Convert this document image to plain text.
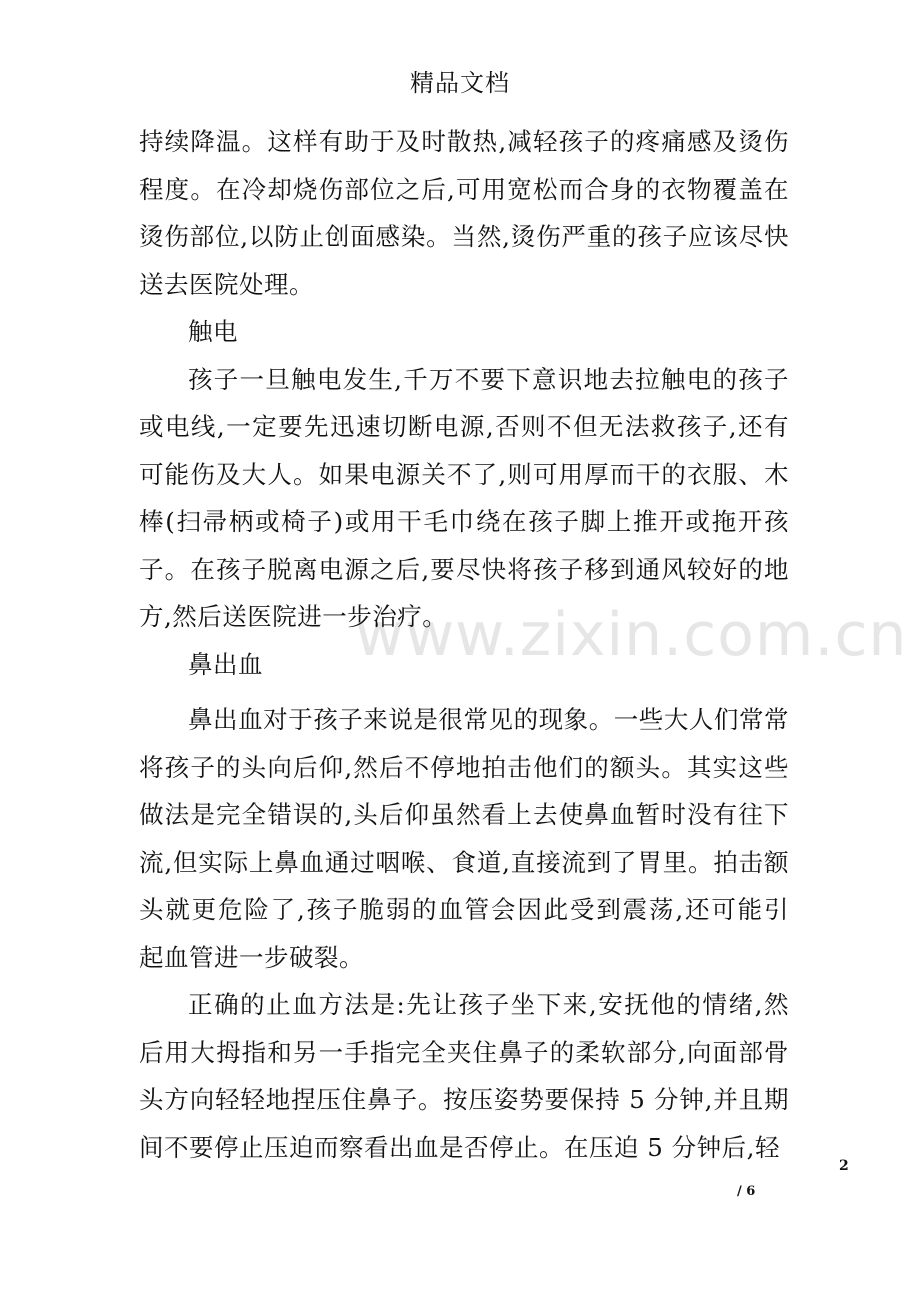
精品文档
www.zixin.com.cn
持续降温。这样有助于及时散热,减轻孩子的疼痛感及烫伤
程度。在冷却烧伤部位之后,可用宽松而合身的衣物覆盖在
烫伤部位,以防止创面感染。当然,烫伤严重的孩子应该尽快
送去医院处理。
触电
孩子一旦触电发生,千万不要下意识地去拉触电的孩子
或电线,一定要先迅速切断电源,否则不但无法救孩子,还有
可能伤及大人。如果电源关不了,则可用厚而干的衣服、木
棒(扫帚柄或椅子)或用干毛巾绕在孩子脚上推开或拖开孩
子。在孩子脱离电源之后,要尽快将孩子移到通风较好的地
方,然后送医院进一步治疗。
鼻出血
鼻出血对于孩子来说是很常见的现象。一些大人们常常
将孩子的头向后仰,然后不停地拍击他们的额头。其实这些
做法是完全错误的,头后仰虽然看上去使鼻血暂时没有往下
流,但实际上鼻血通过咽喉、食道,直接流到了胃里。拍击额
头就更危险了,孩子脆弱的血管会因此受到震荡,还可能引
起血管进一步破裂。
正确的止血方法是:先让孩子坐下来,安抚他的情绪,然
后用大拇指和另一手指完全夹住鼻子的柔软部分,向面部骨
头方向轻轻地捏压住鼻子。按压姿势要保持 5 分钟,并且期
间不要停止压迫而察看出血是否停止。在压迫 5 分钟后,轻
2
/ 6
